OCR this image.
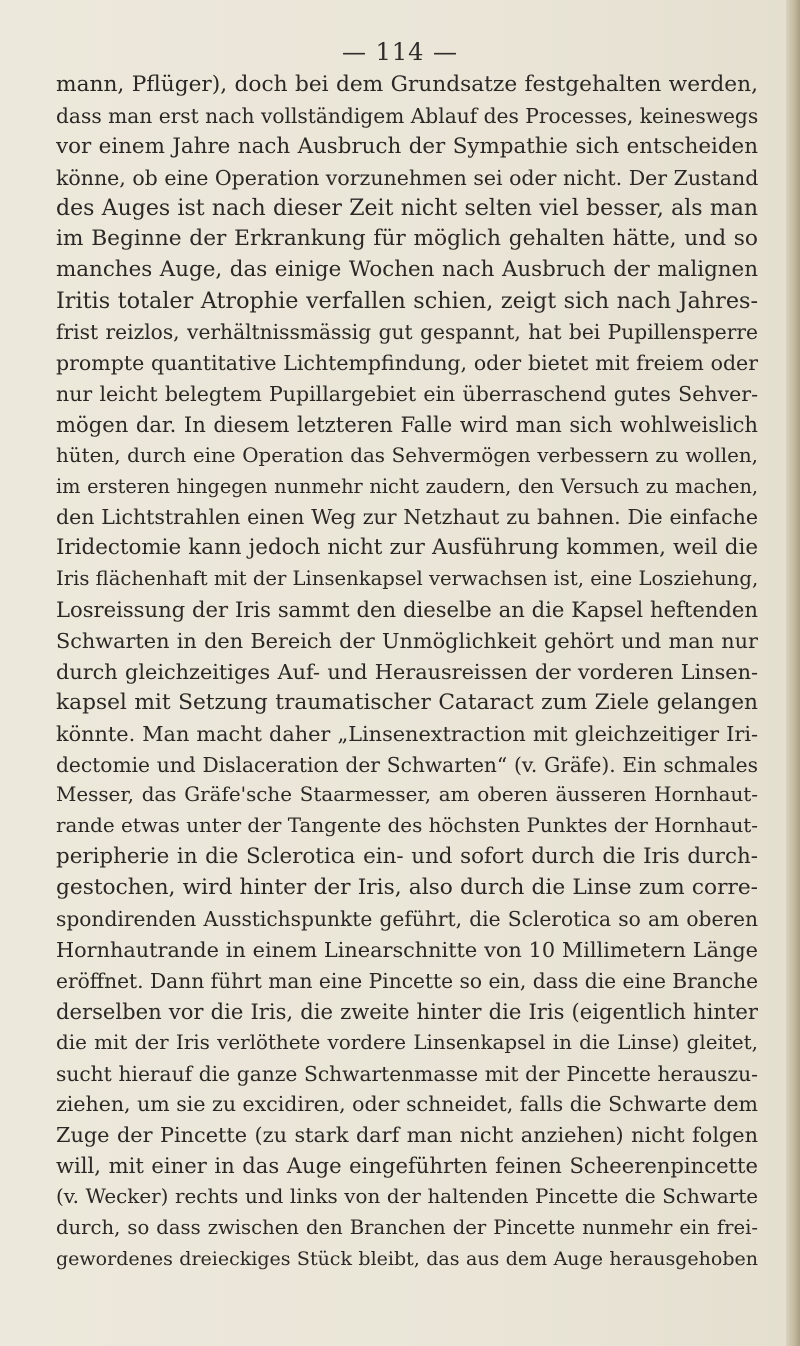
— 114 —
mann, Pflüger), doch bei dem Grundsatze festgehalten werden,
dass man erst nach vollständigem Ablauf des Processes, keineswegs
vor einem Jahre nach Ausbruch der Sympathie sich entscheiden
könne, ob eine Operation vorzunehmen sei oder nicht. Der Zustand
des Auges ist nach dieser Zeit nicht selten viel besser, als man
im Beginne der Erkrankung für möglich gehalten hätte, und so
manches Auge, das einige Wochen nach Ausbruch der malignen
Iritis totaler Atrophie verfallen schien, zeigt sich nach Jahres-
frist reizlos, verhältnissmässig gut gespannt, hat bei Pupillensperre
prompte quantitative Lichtempfindung, oder bietet mit freiem oder
nur leicht belegtem Pupillargebiet ein überraschend gutes Sehver-
mögen dar. In diesem letzteren Falle wird man sich wohlweislich
hüten, durch eine Operation das Sehvermögen verbessern zu wollen,
im ersteren hingegen nunmehr nicht zaudern, den Versuch zu machen,
den Lichtstrahlen einen Weg zur Netzhaut zu bahnen. Die einfache
Iridectomie kann jedoch nicht zur Ausführung kommen, weil die
Iris flächenhaft mit der Linsenkapsel verwachsen ist, eine Losziehung,
Losreissung der Iris sammt den dieselbe an die Kapsel heftenden
Schwarten in den Bereich der Unmöglichkeit gehört und man nur
durch gleichzeitiges Auf- und Herausreissen der vorderen Linsen-
kapsel mit Setzung traumatischer Cataract zum Ziele gelangen
könnte. Man macht daher „Linsenextraction mit gleichzeitiger Iri-
dectomie und Dislaceration der Schwarten“ (v. Gräfe). Ein schmales
Messer, das Gräfe'sche Staarmesser, am oberen äusseren Hornhaut-
rande etwas unter der Tangente des höchsten Punktes der Hornhaut-
peripherie in die Sclerotica ein- und sofort durch die Iris durch-
gestochen, wird hinter der Iris, also durch die Linse zum corre-
spondirenden Ausstichspunkte geführt, die Sclerotica so am oberen
Hornhautrande in einem Linearschnitte von 10 Millimetern Länge
eröffnet. Dann führt man eine Pincette so ein, dass die eine Branche
derselben vor die Iris, die zweite hinter die Iris (eigentlich hinter
die mit der Iris verlöthete vordere Linsenkapsel in die Linse) gleitet,
sucht hierauf die ganze Schwartenmasse mit der Pincette herauszu-
ziehen, um sie zu excidiren, oder schneidet, falls die Schwarte dem
Zuge der Pincette (zu stark darf man nicht anziehen) nicht folgen
will, mit einer in das Auge eingeführten feinen Scheerenpincette
(v. Wecker) rechts und links von der haltenden Pincette die Schwarte
durch, so dass zwischen den Branchen der Pincette nunmehr ein frei-
gewordenes dreieckiges Stück bleibt, das aus dem Auge herausgehoben
